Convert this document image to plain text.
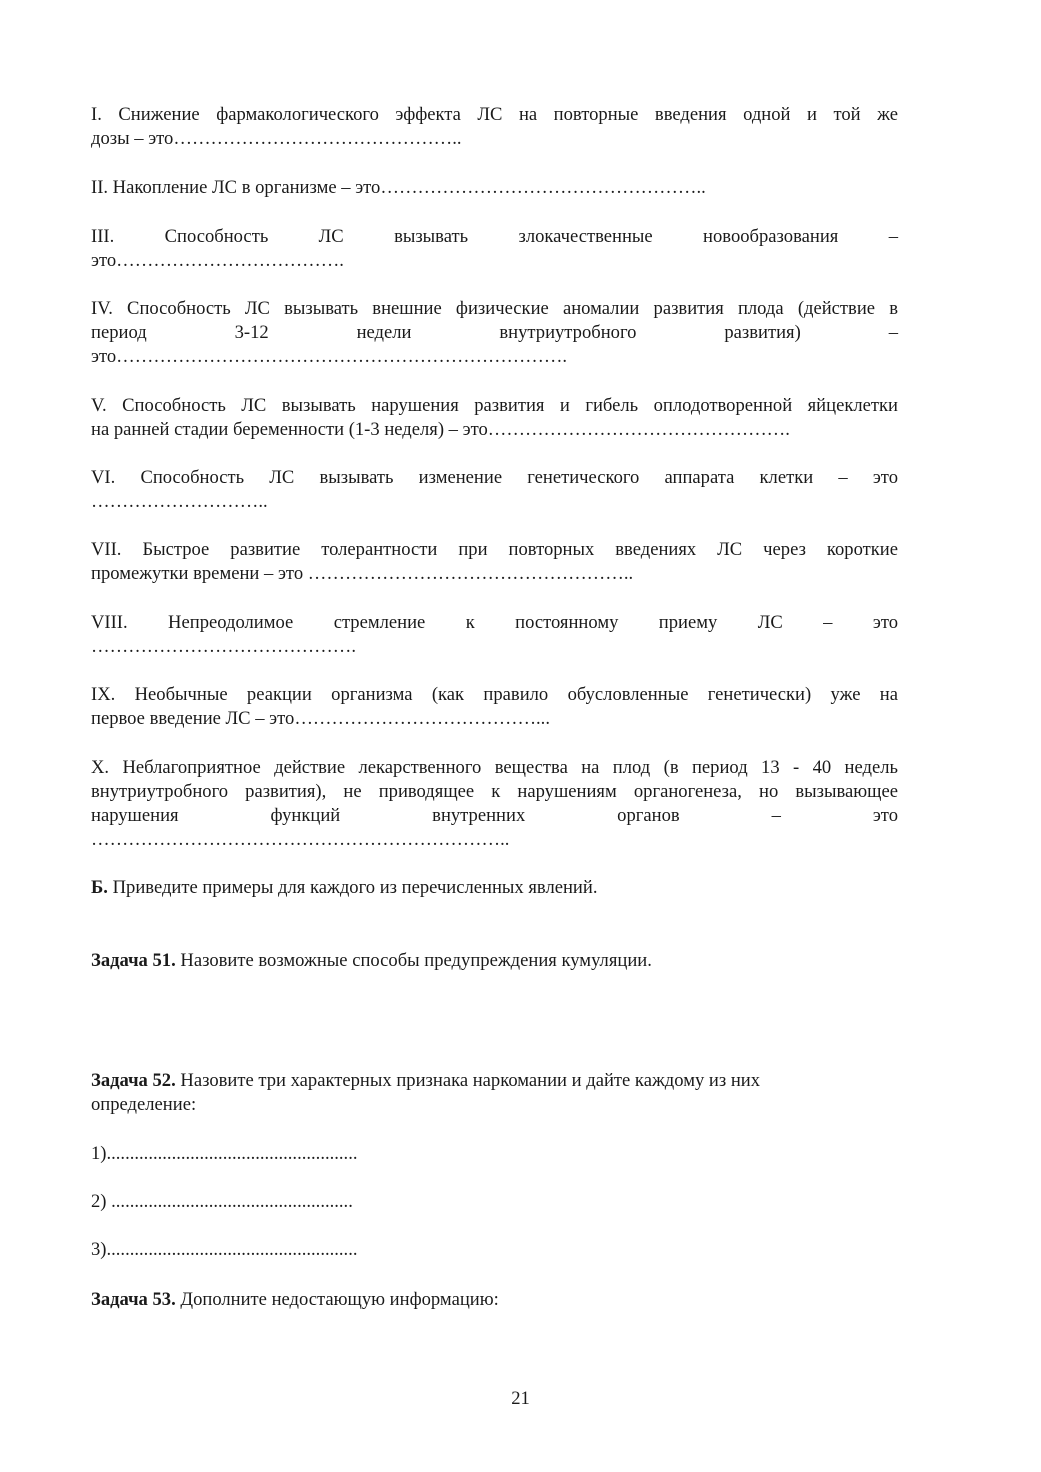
I. Снижение фармакологического эффекта ЛС на повторные введения одной и той же
дозы – это………………………………………..

II. Накопление ЛС в организме – это……………………………………………..

III. Способность ЛС вызывать злокачественные новообразования –
это……………………………….

IV. Способность ЛС вызывать внешние физические аномалии развития плода (действие в
период 3-12 недели внутриутробного развития) –
это……………………………………………………………….

V. Способность ЛС вызывать нарушения развития и гибель оплодотворенной яйцеклетки
на ранней стадии беременности (1-3 неделя) – это………………………………………….

VI. Способность ЛС вызывать изменение генетического аппарата клетки – это
………………………..

VII. Быстрое развитие толерантности при повторных введениях ЛС через короткие
промежутки времени – это ……………………………………………..

VIII. Непреодолимое стремление к постоянному приему ЛС – это
…………………………………….

IX. Необычные реакции организма (как правило обусловленные генетически) уже на
первое введение ЛС – это…………………………………...

X. Неблагоприятное действие лекарственного вещества на плод (в период 13 - 40 недель
внутриутробного развития), не приводящее к нарушениям органогенеза, но вызывающее
нарушения функций внутренних органов – это
…………………………………………………………..

Б. Приведите примеры для каждого из перечисленных явлений.

Задача 51. Назовите возможные способы предупреждения кумуляции.

Задача 52. Назовите три характерных признака наркомании и дайте каждому из них
определение:

1)......................................................

2) ....................................................

3)......................................................

Задача 53. Дополните недостающую информацию:

21
